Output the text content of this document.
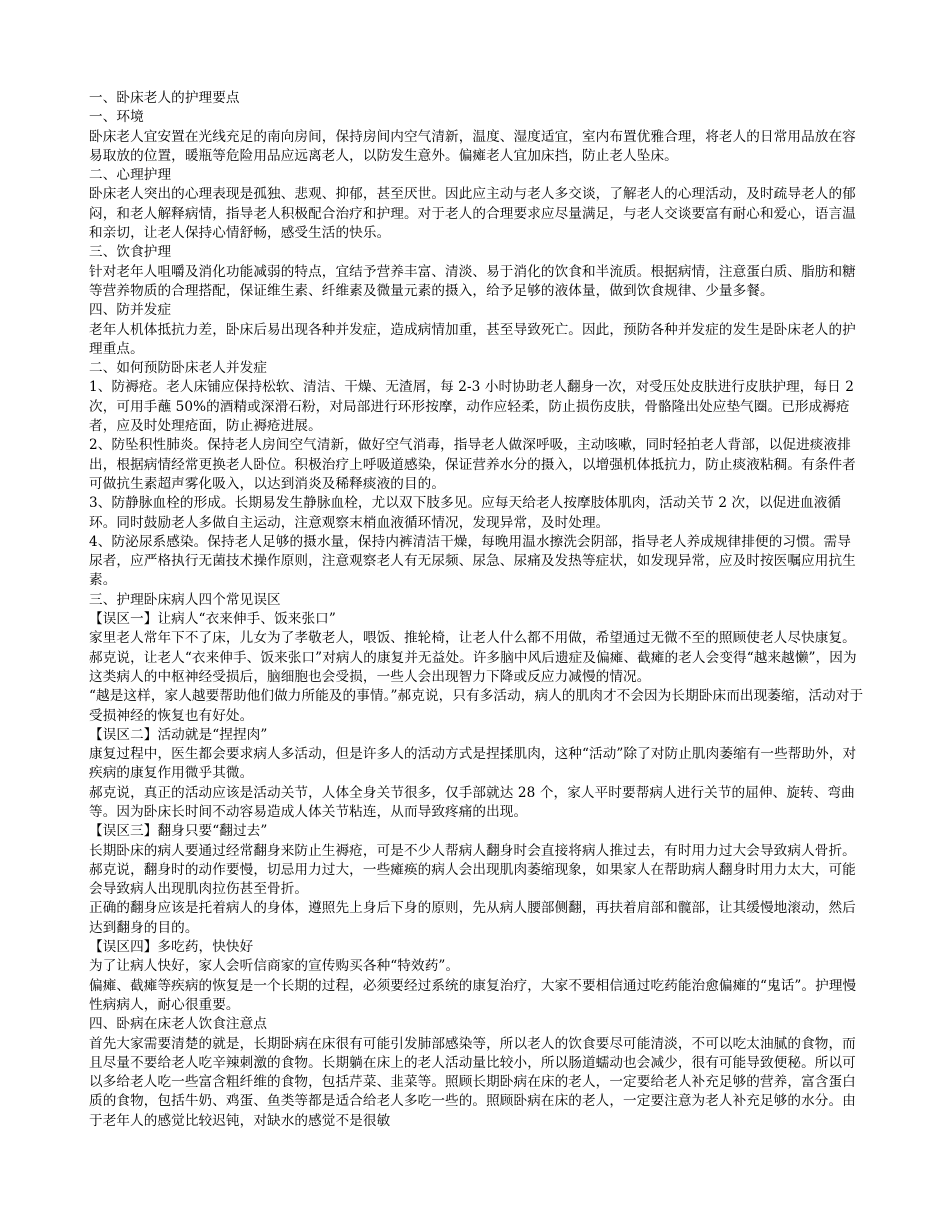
一、卧床老人的护理要点

一、环境

卧床老人宜安置在光线充足的南向房间，保持房间内空气清新，温度、湿度适宜，室内布置优雅合理，将老人的日常用品放在容易取放的位置，暖瓶等危险用品应远离老人，以防发生意外。偏瘫老人宜加床挡，防止老人坠床。

二、心理护理

卧床老人突出的心理表现是孤独、悲观、抑郁，甚至厌世。因此应主动与老人多交谈，了解老人的心理活动，及时疏导老人的郁闷，和老人解释病情，指导老人积极配合治疗和护理。对于老人的合理要求应尽量满足，与老人交谈要富有耐心和爱心，语言温和亲切，让老人保持心情舒畅，感受生活的快乐。

三、饮食护理

针对老年人咀嚼及消化功能减弱的特点，宜结予营养丰富、清淡、易于消化的饮食和半流质。根据病情，注意蛋白质、脂肪和糖等营养物质的合理搭配，保证维生素、纤维素及微量元素的摄入，给予足够的液体量，做到饮食规律、少量多餐。

四、防并发症

老年人机体抵抗力差，卧床后易出现各种并发症，造成病情加重，甚至导致死亡。因此，预防各种并发症的发生是卧床老人的护理重点。

二、如何预防卧床老人并发症

1、防褥疮。老人床铺应保持松软、清洁、干燥、无渣屑，每 2-3 小时协助老人翻身一次，对受压处皮肤进行皮肤护理，每日 2 次，可用手蘸 50%的酒精或深滑石粉，对局部进行环形按摩，动作应轻柔，防止损伤皮肤，骨骼隆出处应垫气圈。已形成褥疮者，应及时处理疮面，防止褥疮进展。

2、防坠积性肺炎。保持老人房间空气清新，做好空气消毒，指导老人做深呼吸，主动咳嗽，同时轻拍老人背部，以促进痰液排出，根据病情经常更换老人卧位。积极治疗上呼吸道感染，保证营养水分的摄入，以增强机体抵抗力，防止痰液粘稠。有条件者可做抗生素超声雾化吸入，以达到消炎及稀释痰液的目的。

3、防静脉血栓的形成。长期易发生静脉血栓，尤以双下肢多见。应每天给老人按摩肢体肌肉，活动关节 2 次，以促进血液循环。同时鼓励老人多做自主运动，注意观察末梢血液循环情况，发现异常，及时处理。

4、防泌尿系感染。保持老人足够的摄水量，保持内裤清洁干燥，每晚用温水擦洗会阴部，指导老人养成规律排便的习惯。需导尿者，应严格执行无菌技术操作原则，注意观察老人有无尿频、尿急、尿痛及发热等症状，如发现异常，应及时按医嘱应用抗生素。

三、护理卧床病人四个常见误区

【误区一】让病人“衣来伸手、饭来张口”

家里老人常年下不了床，儿女为了孝敬老人，喂饭、推轮椅，让老人什么都不用做，希望通过无微不至的照顾使老人尽快康复。

郝克说，让老人“衣来伸手、饭来张口”对病人的康复并无益处。许多脑中风后遗症及偏瘫、截瘫的老人会变得“越来越懒”，因为这类病人的中枢神经受损后，脑细胞也会受损，一些人会出现智力下降或反应力减慢的情况。

“越是这样，家人越要帮助他们做力所能及的事情。”郝克说，只有多活动，病人的肌肉才不会因为长期卧床而出现萎缩，活动对于受损神经的恢复也有好处。

【误区二】活动就是“捏捏肉”

康复过程中，医生都会要求病人多活动，但是许多人的活动方式是捏揉肌肉，这种“活动”除了对防止肌肉萎缩有一些帮助外，对疾病的康复作用微乎其微。

郝克说，真正的活动应该是活动关节，人体全身关节很多，仅手部就达 28 个，家人平时要帮病人进行关节的屈伸、旋转、弯曲等。因为卧床长时间不动容易造成人体关节粘连，从而导致疼痛的出现。

【误区三】翻身只要“翻过去”

长期卧床的病人要通过经常翻身来防止生褥疮，可是不少人帮病人翻身时会直接将病人推过去，有时用力过大会导致病人骨折。

郝克说，翻身时的动作要慢，切忌用力过大，一些瘫痪的病人会出现肌肉萎缩现象，如果家人在帮助病人翻身时用力太大，可能会导致病人出现肌肉拉伤甚至骨折。

正确的翻身应该是托着病人的身体，遵照先上身后下身的原则，先从病人腰部侧翻，再扶着肩部和髋部，让其缓慢地滚动，然后达到翻身的目的。

【误区四】多吃药，快快好

为了让病人快好，家人会听信商家的宣传购买各种“特效药”。

偏瘫、截瘫等疾病的恢复是一个长期的过程，必须要经过系统的康复治疗，大家不要相信通过吃药能治愈偏瘫的“鬼话”。护理慢性病病人，耐心很重要。

四、卧病在床老人饮食注意点

首先大家需要清楚的就是，长期卧病在床很有可能引发肺部感染等，所以老人的饮食要尽可能清淡，不可以吃太油腻的食物，而且尽量不要给老人吃辛辣刺激的食物。长期躺在床上的老人活动量比较小，所以肠道蠕动也会减少，很有可能导致便秘。所以可以多给老人吃一些富含粗纤维的食物，包括芹菜、韭菜等。照顾长期卧病在床的老人，一定要给老人补充足够的营养，富含蛋白质的食物，包括牛奶、鸡蛋、鱼类等都是适合给老人多吃一些的。照顾卧病在床的老人，一定要注意为老人补充足够的水分。由于老年人的感觉比较迟钝，对缺水的感觉不是很敏
